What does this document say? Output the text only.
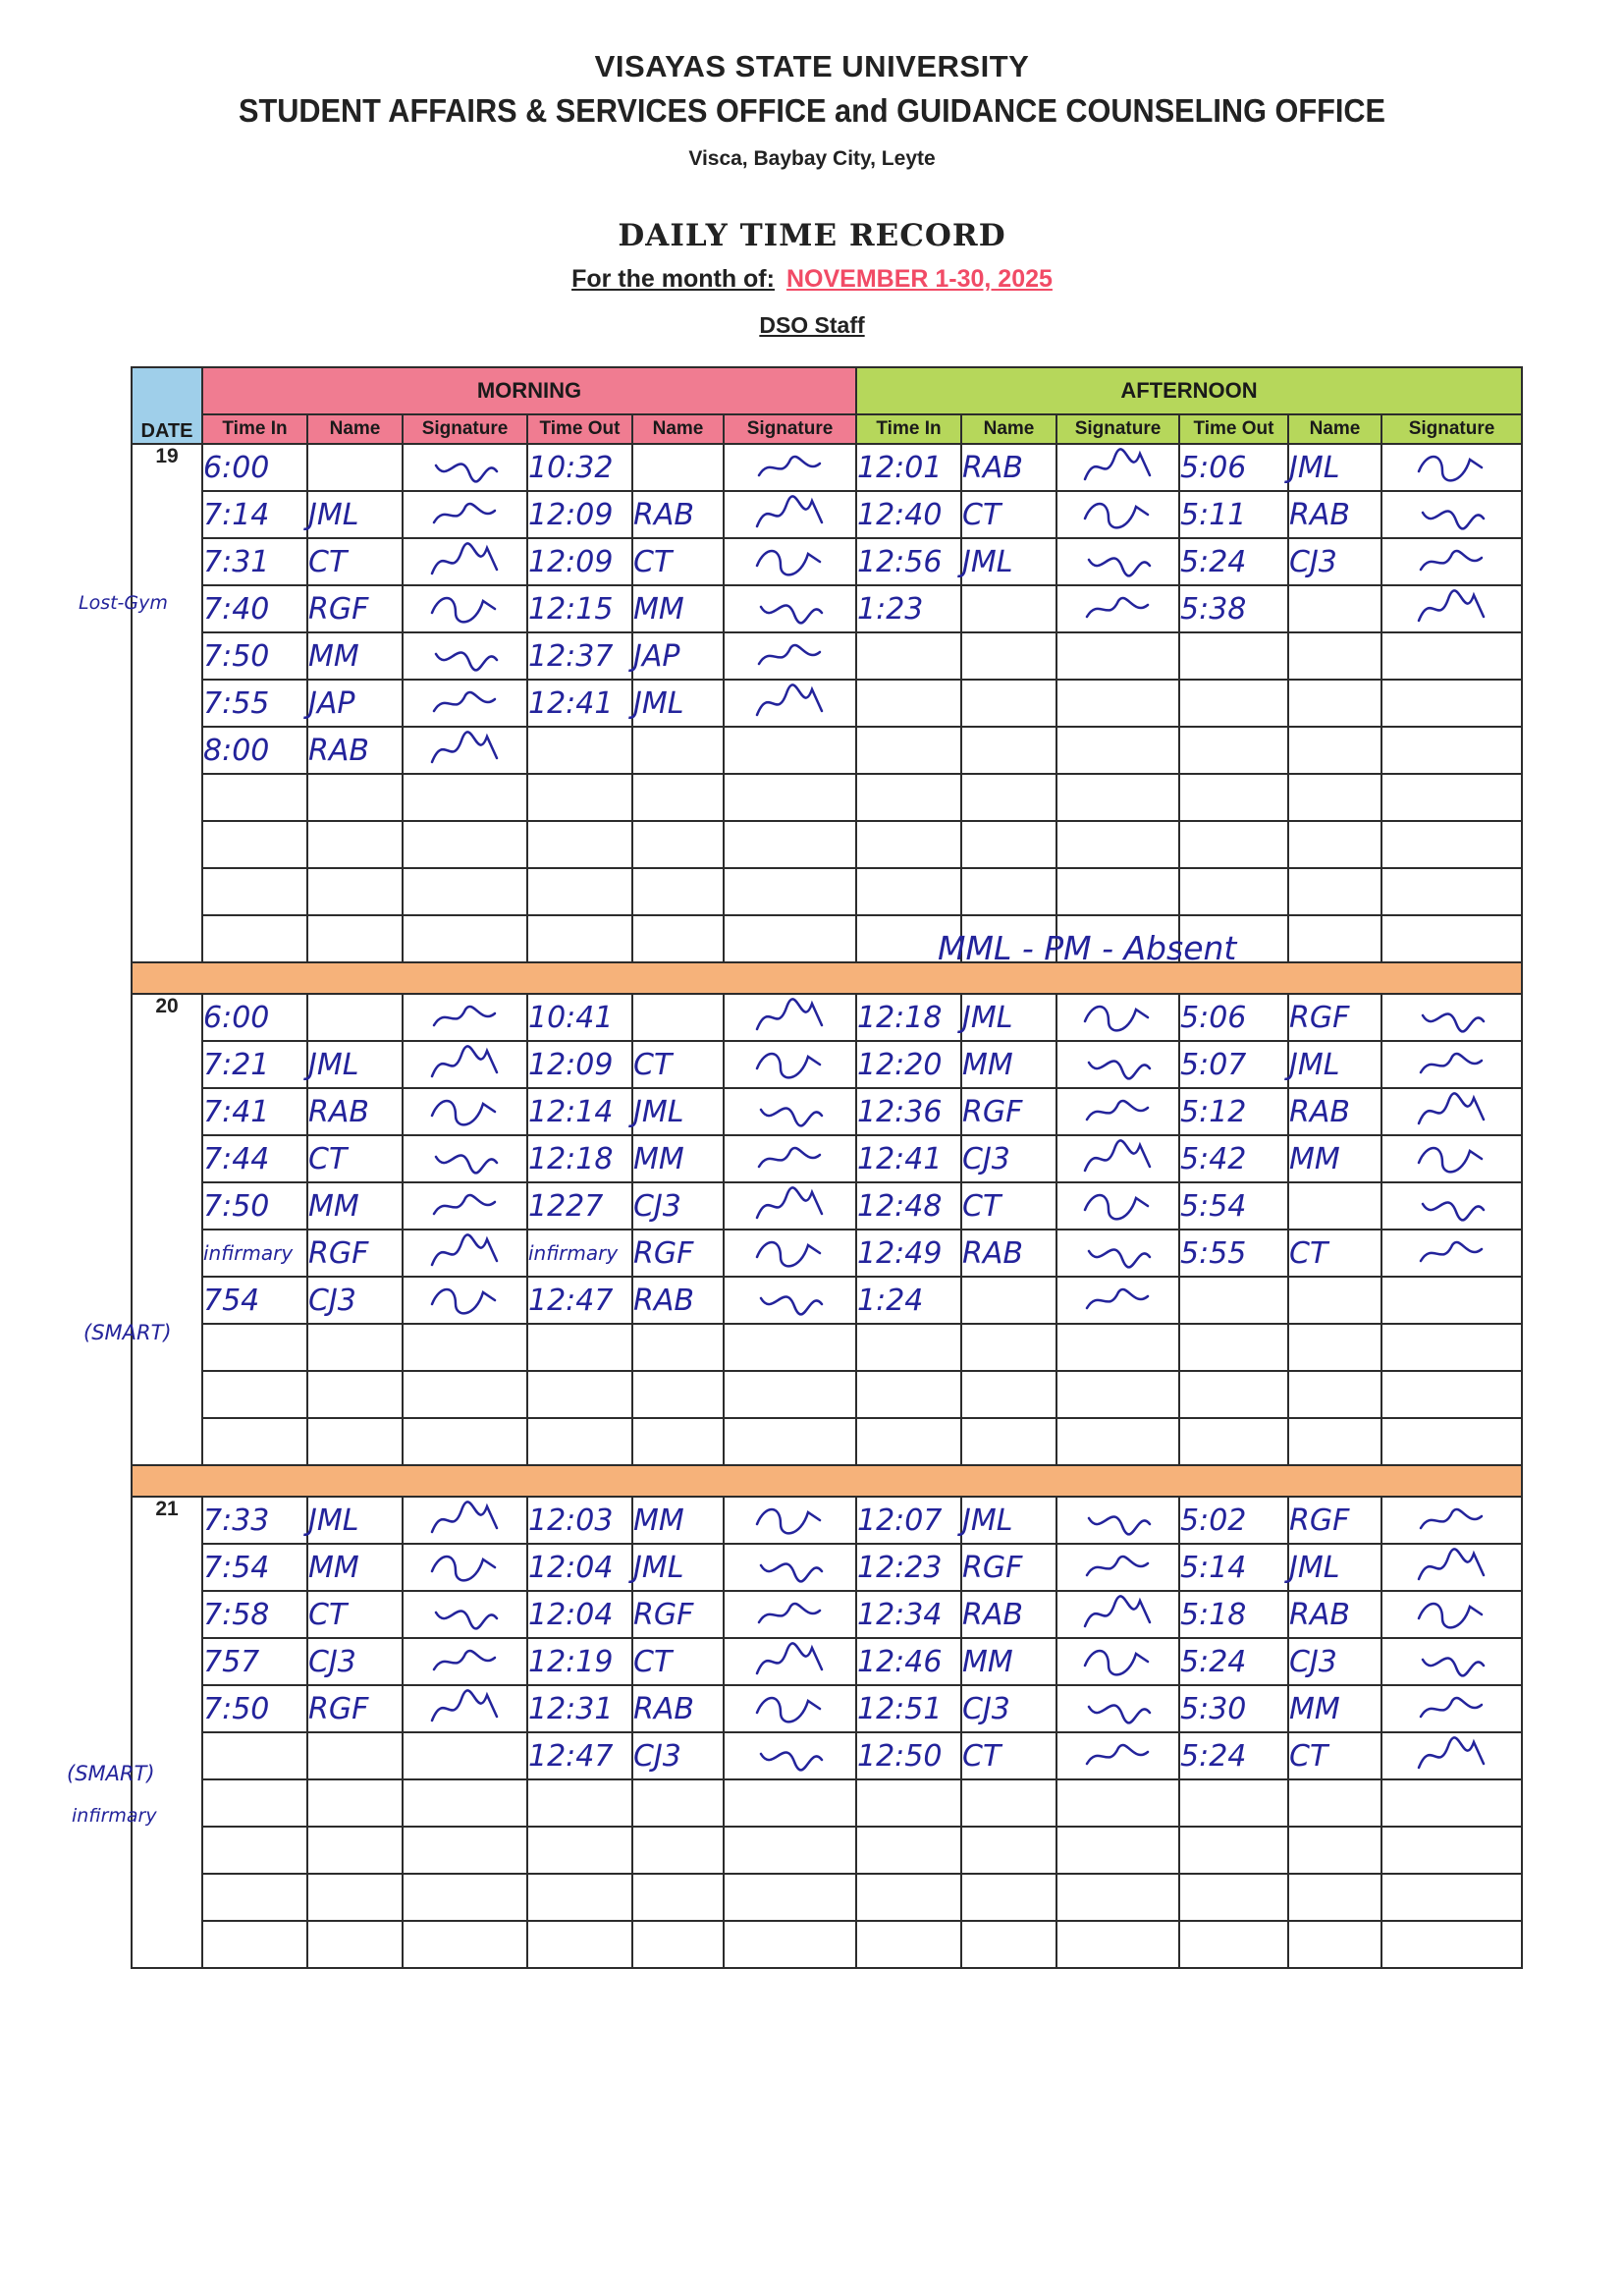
VISAYAS STATE UNIVERSITY
STUDENT AFFAIRS & SERVICES OFFICE and GUIDANCE COUNSELING OFFICE
Visca, Baybay City, Leyte
DAILY TIME RECORD
For the month of: NOVEMBER 1-30, 2025
DSO Staff
DATE	MORNING						AFTERNOON					
	Time In	Name	Signature	Time Out	Name	Signature	Time In	Name	Signature	Time Out	Name	Signature
19	6:00			10:32			12:01	RAB		5:06	JML	

	7:14	JML		12:09	RAB		12:40	CT		5:11	RAB	

	7:31	CT		12:09	CT		12:56	JML		5:24	CJ3	

	7:40	RGF		12:15	MM		1:23			5:38		

	7:50	MM		12:37	JAP	

	7:55	JAP		12:41	JML	

	8:00	RAB	

20	6:00			10:41			12:18	JML		5:06	RGF	

	7:21	JML		12:09	CT		12:20	MM		5:07	JML	

	7:41	RAB		12:14	JML		12:36	RGF		5:12	RAB	

	7:44	CT		12:18	MM		12:41	CJ3		5:42	MM	

	7:50	MM		1227	CJ3		12:48	CT		5:54		

	infirmary	RGF		infirmary	RGF		12:49	RAB		5:55	CT	

	754	CJ3		12:47	RAB		1:24		

21	7:33	JML		12:03	MM		12:07	JML		5:02	RGF	

	7:54	MM		12:04	JML		12:23	RGF		5:14	JML	

	7:58	CT		12:04	RGF		12:34	RAB		5:18	RAB	

	757	CJ3		12:19	CT		12:46	MM		5:24	CJ3	

	7:50	RGF		12:31	RAB		12:51	CJ3		5:30	MM	

				12:47	CJ3		12:50	CT		5:24	CT	

MML - PM - Absent
Lost-Gym
(SMART)
(SMART)
infirmary
